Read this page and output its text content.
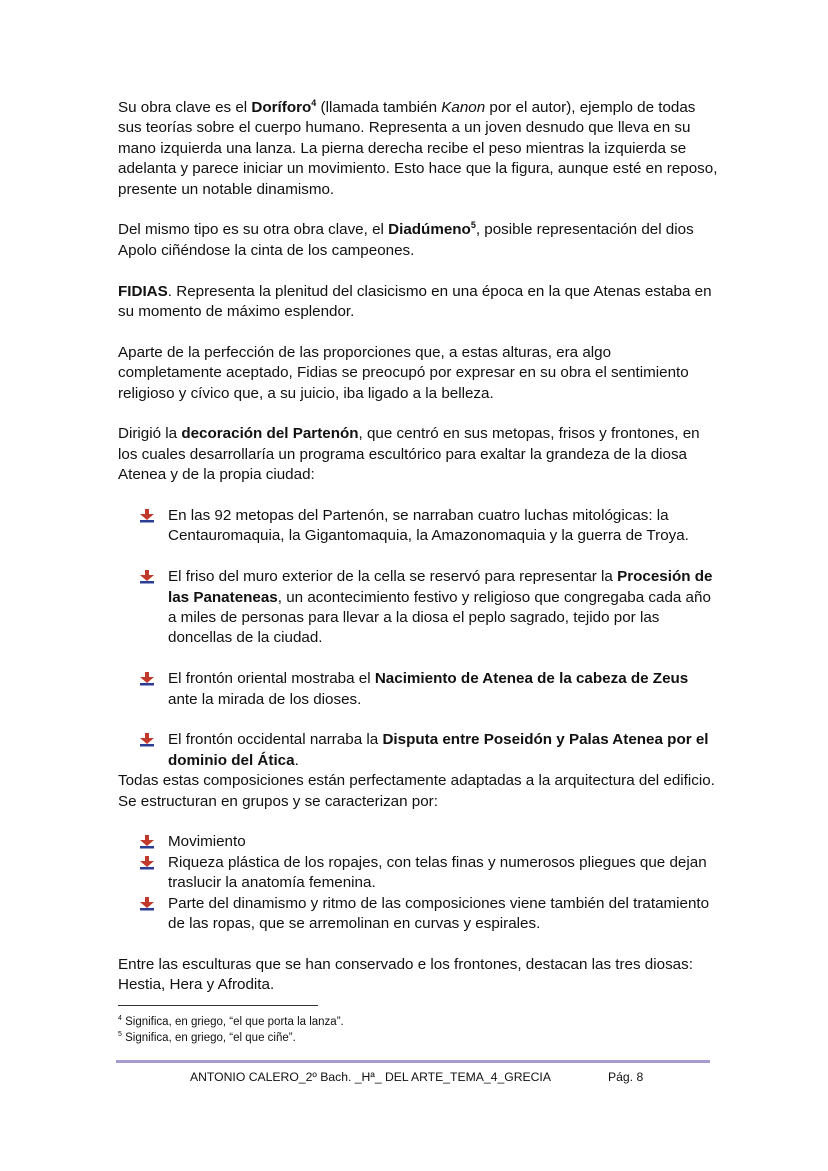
Su obra clave es el Doríforo$^4$ (llamada también Kanon por el autor), ejemplo de todas sus teorías sobre el cuerpo humano. Representa a un joven desnudo que lleva en su mano izquierda una lanza. La pierna derecha recibe el peso mientras la izquierda se adelanta y parece iniciar un movimiento. Esto hace que la figura, aunque esté en reposo, presente un notable dinamismo.

Del mismo tipo es su otra obra clave, el Diadúmeno$^5$, posible representación del dios Apolo ciñéndose la cinta de los campeones.

FIDIAS. Representa la plenitud del clasicismo en una época en la que Atenas estaba en su momento de máximo esplendor.

Aparte de la perfección de las proporciones que, a estas alturas, era algo completamente aceptado, Fidias se preocupó por expresar en su obra el sentimiento religioso y cívico que, a su juicio, iba ligado a la belleza.

Dirigió la decoración del Partenón, que centró en sus metopas, frisos y frontones, en los cuales desarrollaría un programa escultórico para exaltar la grandeza de la diosa Atenea y de la propia ciudad:

En las 92 metopas del Partenón, se narraban cuatro luchas mitológicas: la Centauromaquia, la Gigantomaquia, la Amazonomaquia y la guerra de Troya.
El friso del muro exterior de la cella se reservó para representar la Procesión de las Panateneas, un acontecimiento festivo y religioso que congregaba cada año a miles de personas para llevar a la diosa el peplo sagrado, tejido por las doncellas de la ciudad.
El frontón oriental mostraba el Nacimiento de Atenea de la cabeza de Zeus ante la mirada de los dioses.
El frontón occidental narraba la Disputa entre Poseidón y Palas Atenea por el dominio del Ática.

Todas estas composiciones están perfectamente adaptadas a la arquitectura del edificio. Se estructuran en grupos y se caracterizan por:

Movimiento
Riqueza plástica de los ropajes, con telas finas y numerosos pliegues que dejan traslucir la anatomía femenina.
Parte del dinamismo y ritmo de las composiciones viene también del tratamiento de las ropas, que se arremolinan en curvas y espirales.

Entre las esculturas que se han conservado e los frontones, destacan las tres diosas: Hestia, Hera y Afrodita.

$^4$ Significa, en griego, “el que porta la lanza”.
$^5$ Significa, en griego, “el que ciñe”.
ANTONIO CALERO_2º Bach. _Hª_ DEL ARTE_TEMA_4_GRECIA	Pág. 8
